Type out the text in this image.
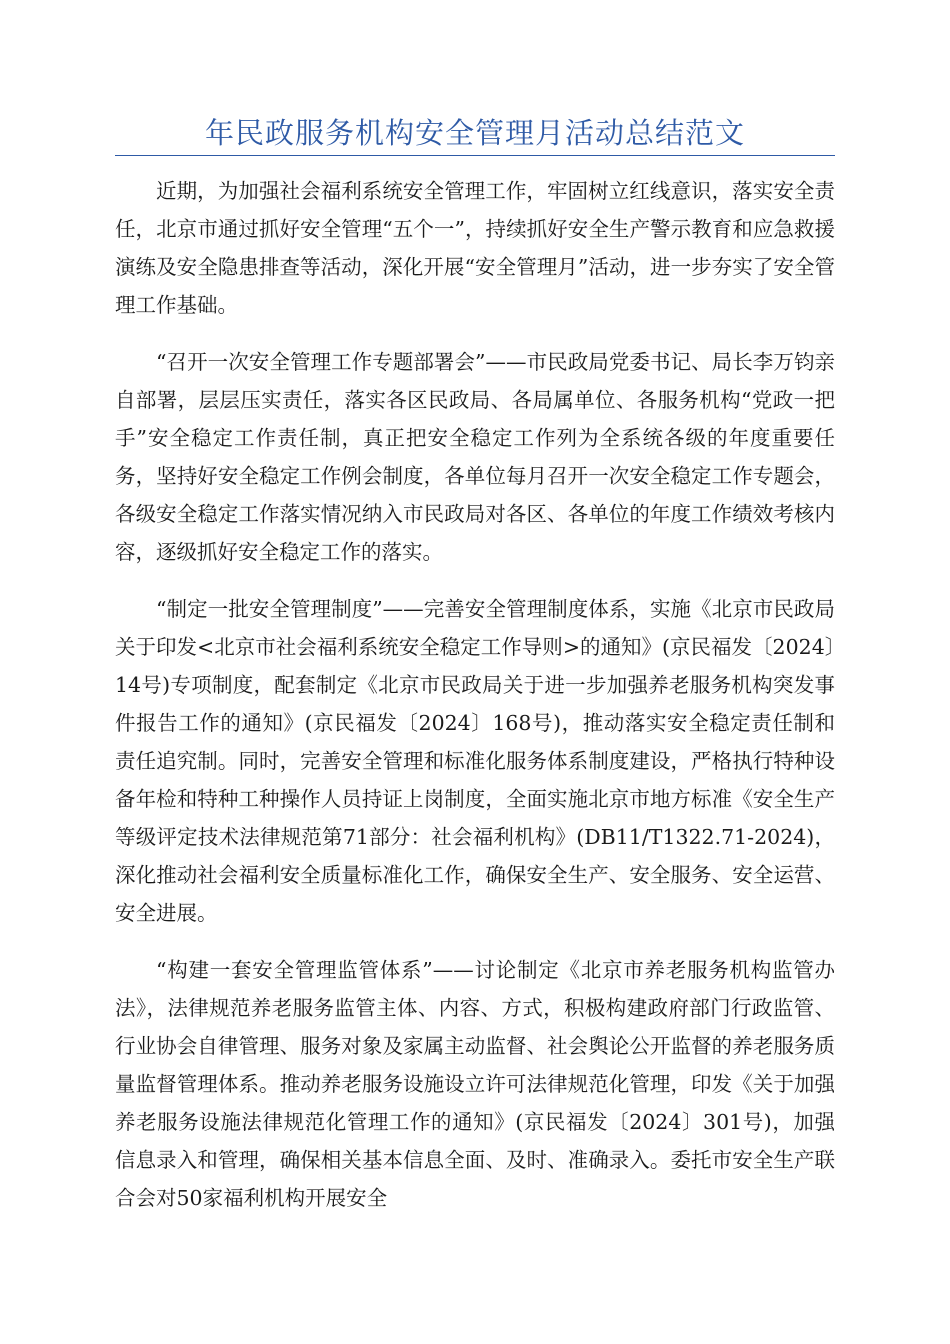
年民政服务机构安全管理月活动总结范文

近期，为加强社会福利系统安全管理工作，牢固树立红线意识，落实安全责任，北京市通过抓好安全管理“五个一”，持续抓好安全生产警示教育和应急救援演练及安全隐患排查等活动，深化开展“安全管理月”活动，进一步夯实了安全管理工作基础。

“召开一次安全管理工作专题部署会”——市民政局党委书记、局长李万钧亲自部署，层层压实责任，落实各区民政局、各局属单位、各服务机构“党政一把手”安全稳定工作责任制，真正把安全稳定工作列为全系统各级的年度重要任务，坚持好安全稳定工作例会制度，各单位每月召开一次安全稳定工作专题会，各级安全稳定工作落实情况纳入市民政局对各区、各单位的年度工作绩效考核内容，逐级抓好安全稳定工作的落实。

“制定一批安全管理制度”——完善安全管理制度体系，实施《北京市民政局关于印发<北京市社会福利系统安全稳定工作导则>的通知》(京民福发〔2024〕14号)专项制度，配套制定《北京市民政局关于进一步加强养老服务机构突发事件报告工作的通知》(京民福发〔2024〕168号)，推动落实安全稳定责任制和责任追究制。同时，完善安全管理和标准化服务体系制度建设，严格执行特种设备年检和特种工种操作人员持证上岗制度，全面实施北京市地方标准《安全生产等级评定技术法律规范第71部分：社会福利机构》(DB11/T1322.71-2024)，深化推动社会福利安全质量标准化工作，确保安全生产、安全服务、安全运营、安全进展。

“构建一套安全管理监管体系”——讨论制定《北京市养老服务机构监管办法》，法律规范养老服务监管主体、内容、方式，积极构建政府部门行政监管、行业协会自律管理、服务对象及家属主动监督、社会舆论公开监督的养老服务质量监督管理体系。推动养老服务设施设立许可法律规范化管理，印发《关于加强养老服务设施法律规范化管理工作的通知》(京民福发〔2024〕301号)，加强信息录入和管理，确保相关基本信息全面、及时、准确录入。委托市安全生产联合会对50家福利机构开展安全
